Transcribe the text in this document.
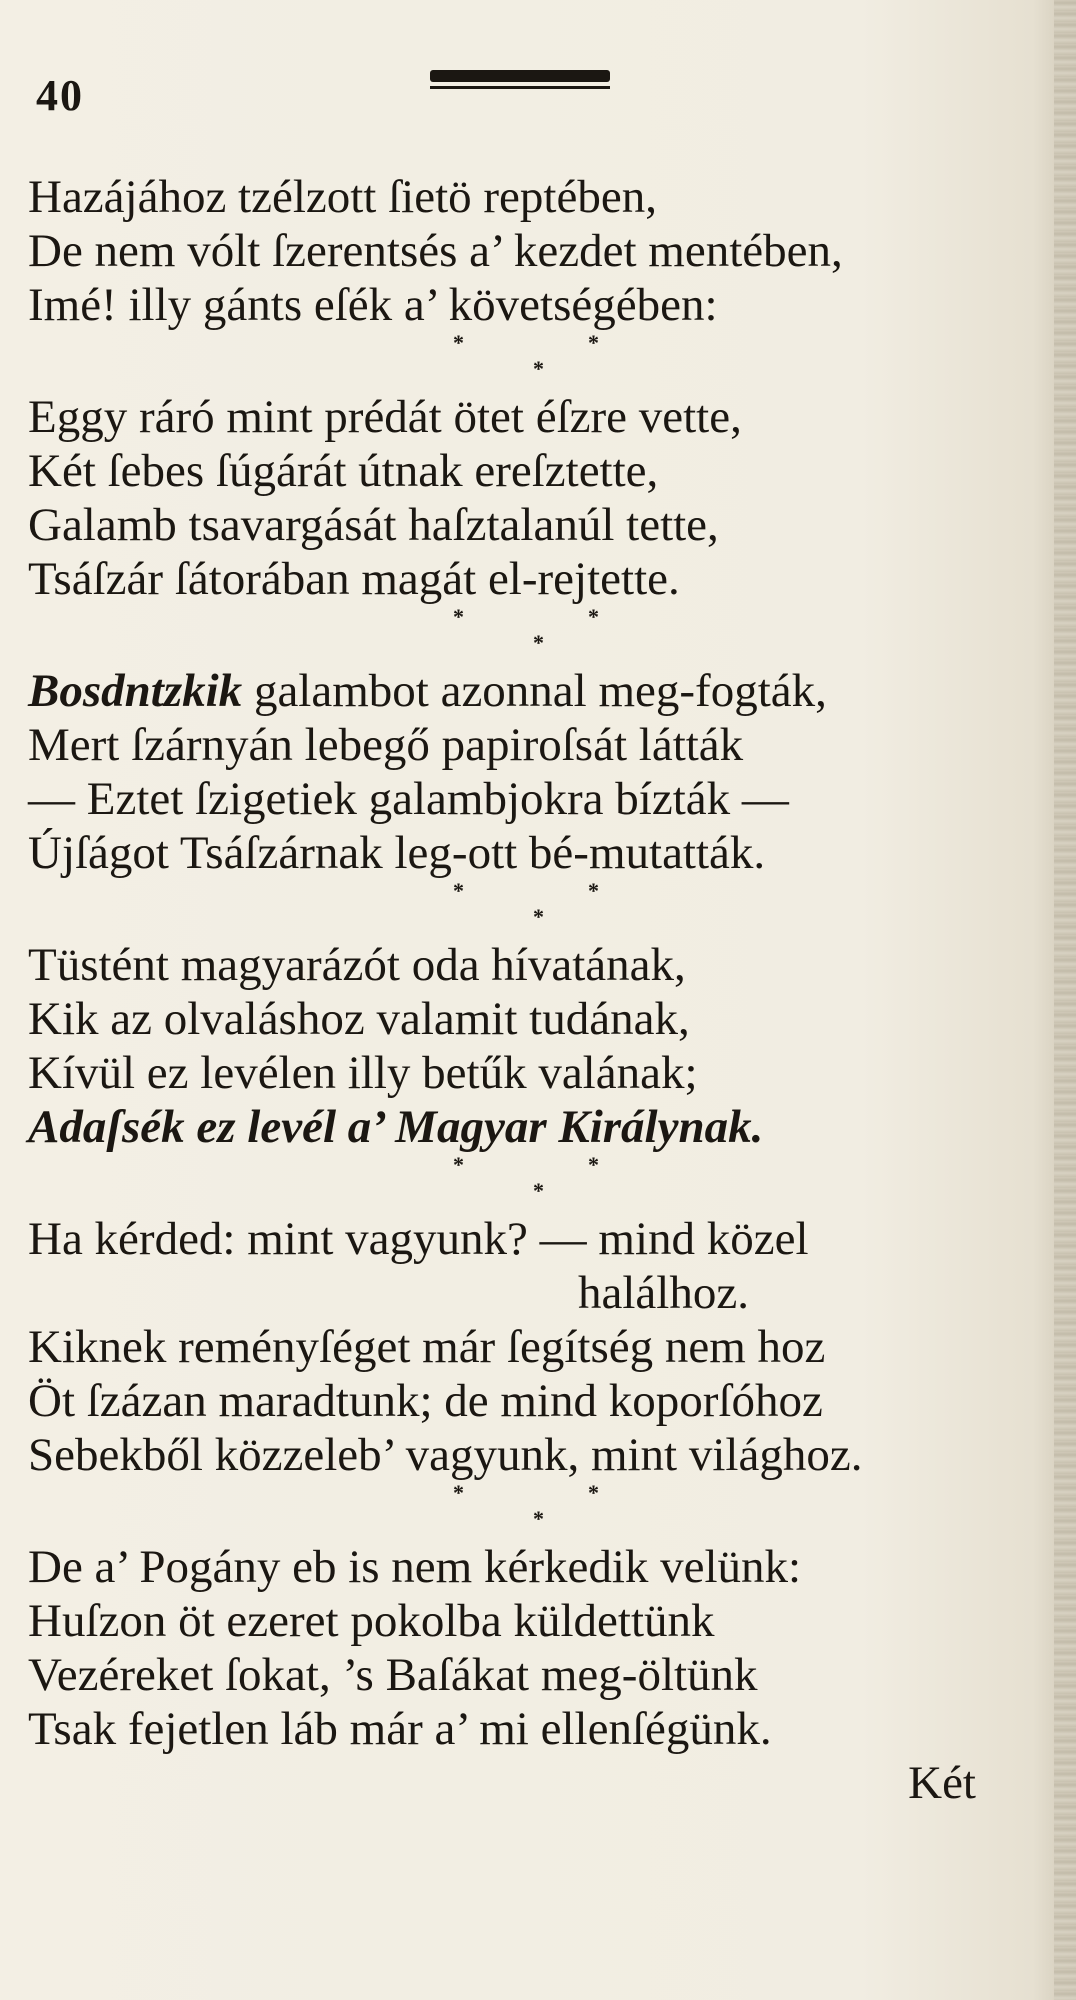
40
Hazájához tzélzott ſietö reptében,
De nem vólt ſzerentsés a’ kezdet mentében,
Imé! illy gánts eſék a’ követségében:
*	*
*
Eggy ráró mint prédát ötet éſzre vette,
Két ſebes ſúgárát útnak ereſztette,
Galamb tsavargását haſztalanúl tette,
Tsáſzár ſátorában magát el-rejtette.
*	*
*
Bosdntzkik galambot azonnal meg-fogták,
Mert ſzárnyán lebegő papiroſsát látták
— Eztet ſzigetiek galambjokra bízták —
Újſágot Tsáſzárnak leg-ott bé-mutatták.
*	*
*
Tüstént magyarázót oda hívatának,
Kik az olvaláshoz valamit tudának,
Kívül ez levélen illy betűk valának;
Adaſsék ez levél a’ Magyar Királynak.
*	*
*
Ha kérded: mint vagyunk? — mind közel
halálhoz.
Kiknek reményſéget már ſegítség nem hoz
Öt ſzázan maradtunk; de mind koporſóhoz
Sebekből közzeleb’ vagyunk, mint világhoz.
*	*
*
De a’ Pogány eb is nem kérkedik velünk:
Huſzon öt ezeret pokolba küldettünk
Vezéreket ſokat, ’s Baſákat meg-öltünk
Tsak fejetlen láb már a’ mi ellenſégünk.
Két
